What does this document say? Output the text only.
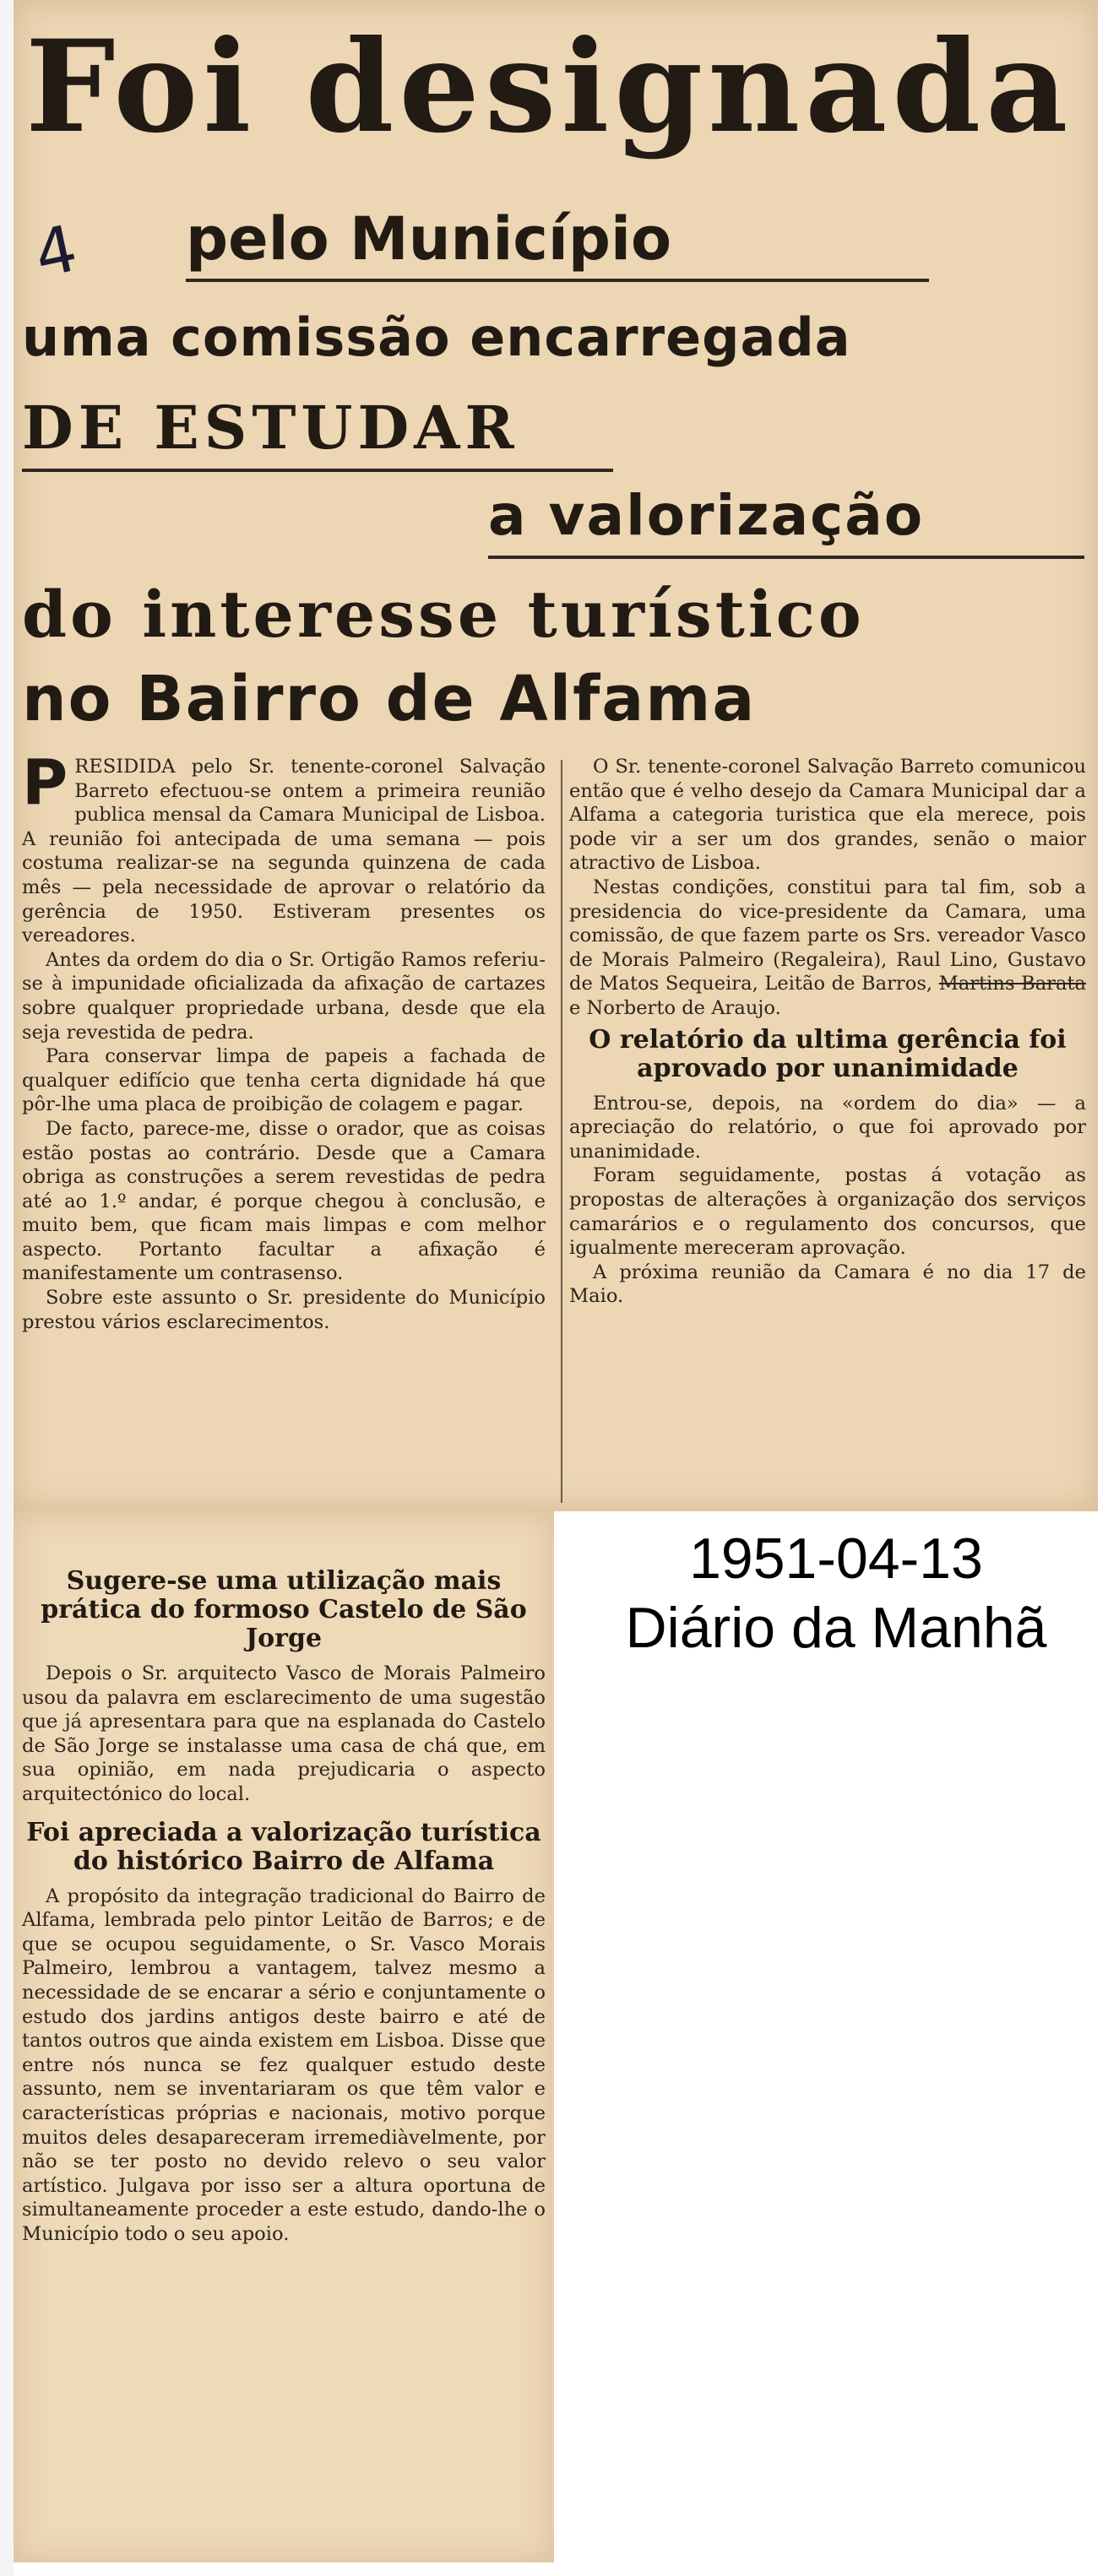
Foi designada
4 pelo Município
uma comissão encarregada
DE ESTUDAR
a valorização
do interesse turístico
no Bairro de Alfama

PRESIDIDA pelo Sr. tenente-coronel Salvação Barreto efectuou-se ontem a primeira reunião publica mensal da Camara Municipal de Lisboa. A reunião foi antecipada de uma semana — pois costuma realizar-se na segunda quinzena de cada mês — pela necessidade de aprovar o relatório da gerência de 1950. Estiveram presentes os vereadores.

Antes da ordem do dia o Sr. Ortigão Ramos referiu-se à impunidade oficializada da afixação de cartazes sobre qualquer propriedade urbana, desde que ela seja revestida de pedra.

Para conservar limpa de papeis a fachada de qualquer edifício que tenha certa dignidade há que pôr-lhe uma placa de proibição de colagem e pagar.

De facto, parece-me, disse o orador, que as coisas estão postas ao contrário. Desde que a Camara obriga as construções a serem revestidas de pedra até ao 1.º andar, é porque chegou à conclusão, e muito bem, que ficam mais limpas e com melhor aspecto. Portanto facultar a afixação é manifestamente um contrasenso.

Sobre este assunto o Sr. presidente do Município prestou vários esclarecimentos.

O Sr. tenente-coronel Salvação Barreto comunicou então que é velho desejo da Camara Municipal dar a Alfama a categoria turistica que ela merece, pois pode vir a ser um dos grandes, senão o maior atractivo de Lisboa.

Nestas condições, constitui para tal fim, sob a presidencia do vice-presidente da Camara, uma comissão, de que fazem parte os Srs. vereador Vasco de Morais Palmeiro (Regaleira), Raul Lino, Gustavo de Matos Sequeira, Leitão de Barros, Martins Barata e Norberto de Araujo.

O relatório da ultima gerência foi aprovado por unanimidade

Entrou-se, depois, na «ordem do dia» — a apreciação do relatório, o que foi aprovado por unanimidade.

Foram seguidamente, postas á votação as propostas de alterações à organização dos serviços camarários e o regulamento dos concursos, que igualmente mereceram aprovação.

A próxima reunião da Camara é no dia 17 de Maio.

Sugere-se uma utilização mais prática do formoso Castelo de São Jorge

Depois o Sr. arquitecto Vasco de Morais Palmeiro usou da palavra em esclarecimento de uma sugestão que já apresentara para que na esplanada do Castelo de São Jorge se instalasse uma casa de chá que, em sua opinião, em nada prejudicaria o aspecto arquitectónico do local.

Foi apreciada a valorização turística do histórico Bairro de Alfama

A propósito da integração tradicional do Bairro de Alfama, lembrada pelo pintor Leitão de Barros; e de que se ocupou seguidamente, o Sr. Vasco Morais Palmeiro, lembrou a vantagem, talvez mesmo a necessidade de se encarar a sério e conjuntamente o estudo dos jardins antigos deste bairro e até de tantos outros que ainda existem em Lisboa. Disse que entre nós nunca se fez qualquer estudo deste assunto, nem se inventariaram os que têm valor e características próprias e nacionais, motivo porque muitos deles desapareceram irremediàvelmente, por não se ter posto no devido relevo o seu valor artístico. Julgava por isso ser a altura oportuna de simultaneamente proceder a este estudo, dando-lhe o Município todo o seu apoio.

1951-04-13
Diário da Manhã
